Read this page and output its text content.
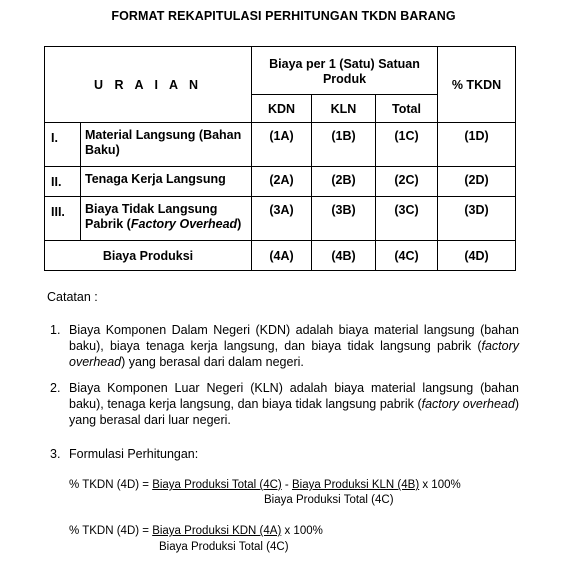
FORMAT REKAPITULASI PERHITUNGAN TKDN BARANG
U R A I A N		Biaya per 1 (Satu) Satuan Produk			% TKDN
		KDN	KLN	Total	
I.	Material Langsung (Bahan Baku)	(1A)	(1B)	(1C)	(1D)
II.	Tenaga Kerja Langsung	(2A)	(2B)	(2C)	(2D)
III.	Biaya Tidak Langsung Pabrik (Factory Overhead)	(3A)	(3B)	(3C)	(3D)
Biaya Produksi		(4A)	(4B)	(4C)	(4D)
Catatan :
1. Biaya Komponen Dalam Negeri (KDN) adalah biaya material langsung (bahan baku), biaya tenaga kerja langsung, dan biaya tidak langsung pabrik (factory overhead) yang berasal dari dalam negeri.
2. Biaya Komponen Luar Negeri (KLN) adalah biaya material langsung (bahan baku), tenaga kerja langsung, dan biaya tidak langsung pabrik (factory overhead) yang berasal dari luar negeri.
3. Formulasi Perhitungan:
% TKDN (4D) = Biaya Produksi Total (4C) - Biaya Produksi KLN (4B) x 100%
Biaya Produksi Total (4C)
% TKDN (4D) = Biaya Produksi KDN (4A) x 100%
Biaya Produksi Total (4C)
